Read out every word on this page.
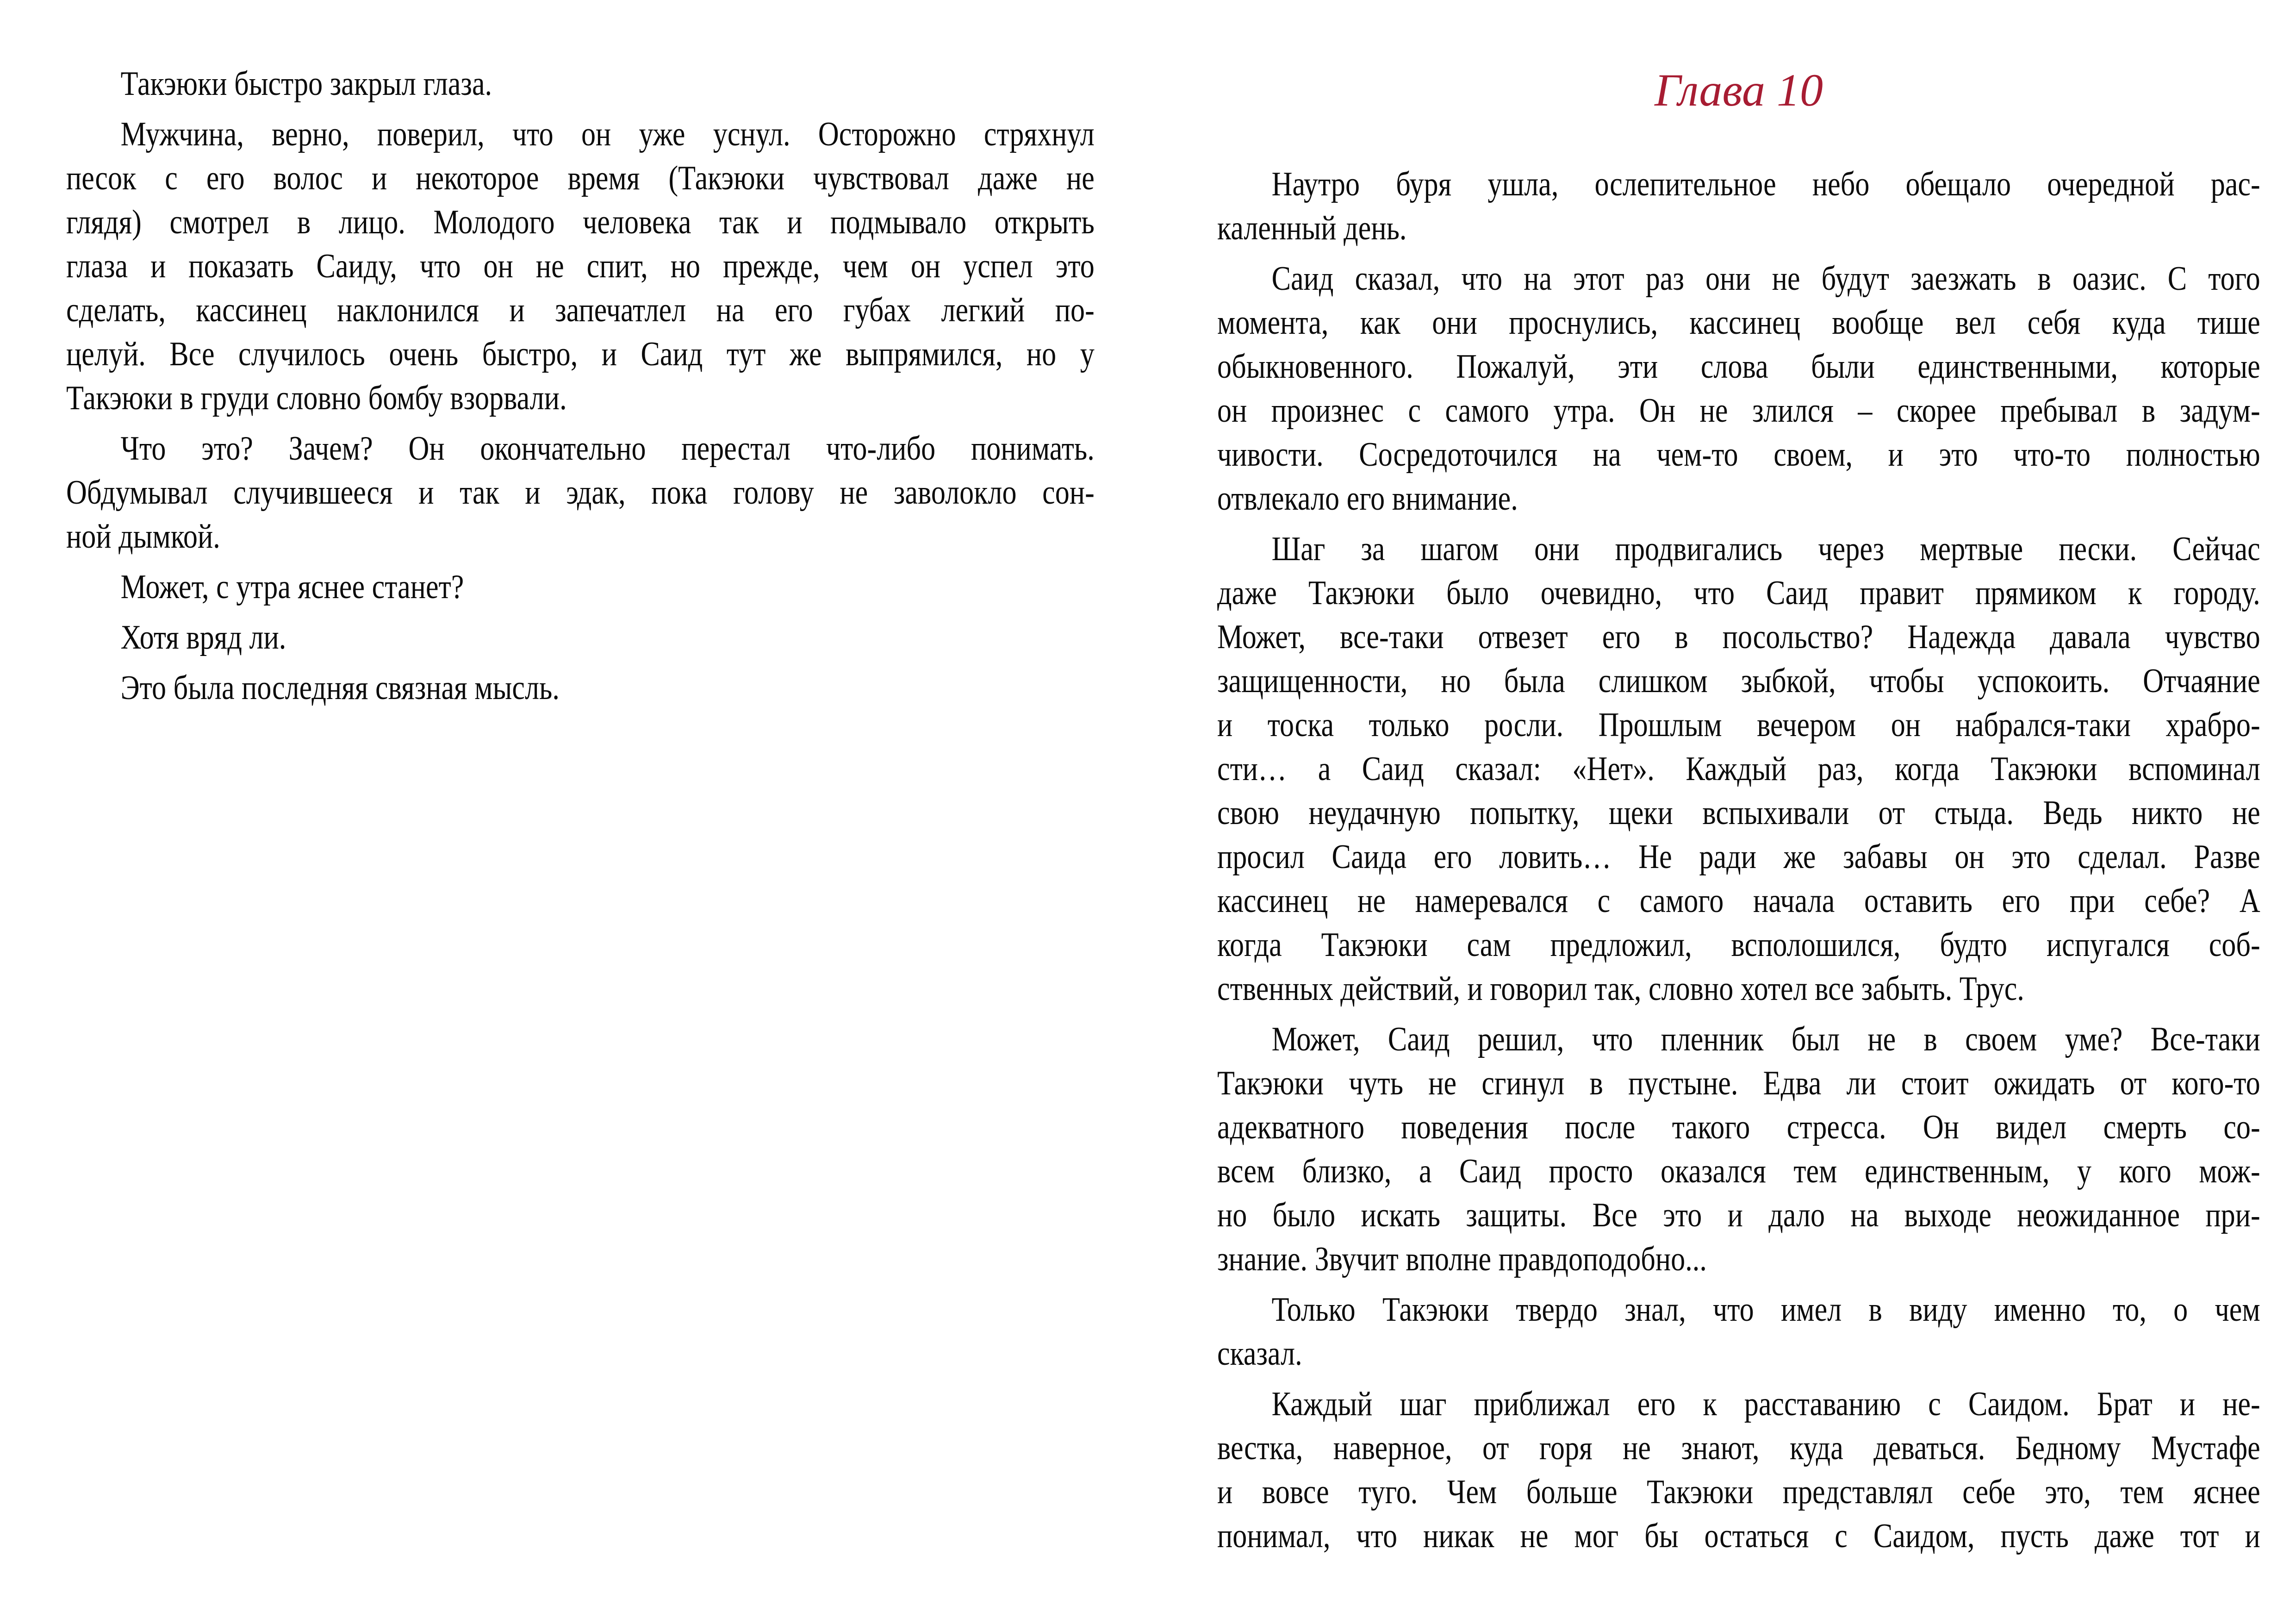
Такэюки быстро закрыл глаза.
Мужчина, верно, поверил, что он уже уснул. Осторожно стряхнул
песок с его волос и некоторое время (Такэюки чувствовал даже не
глядя) смотрел в лицо. Молодого человека так и подмывало открыть
глаза и показать Саиду, что он не спит, но прежде, чем он успел это
сделать, кассинец наклонился и запечатлел на его губах легкий по-
целуй. Все случилось очень быстро, и Саид тут же выпрямился, но у
Такэюки в груди словно бомбу взорвали.
Что это? Зачем? Он окончательно перестал что-либо понимать.
Обдумывал случившееся и так и эдак, пока голову не заволокло сон-
ной дымкой.
Может, с утра яснее станет?
Хотя вряд ли.
Это была последняя связная мысль.
Глава 10
Наутро буря ушла, ослепительное небо обещало очередной рас-
каленный день.
Саид сказал, что на этот раз они не будут заезжать в оазис. С того
момента, как они проснулись, кассинец вообще вел себя куда тише
обыкновенного. Пожалуй, эти слова были единственными, которые
он произнес с самого утра. Он не злился – скорее пребывал в задум-
чивости. Сосредоточился на чем-то своем, и это что-то полностью
отвлекало его внимание.
Шаг за шагом они продвигались через мертвые пески. Сейчас
даже Такэюки было очевидно, что Саид правит прямиком к городу.
Может, все-таки отвезет его в посольство? Надежда давала чувство
защищенности, но была слишком зыбкой, чтобы успокоить. Отчаяние
и тоска только росли. Прошлым вечером он набрался-таки храбро-
сти… а Саид сказал: «Нет». Каждый раз, когда Такэюки вспоминал
свою неудачную попытку, щеки вспыхивали от стыда. Ведь никто не
просил Саида его ловить… Не ради же забавы он это сделал. Разве
кассинец не намеревался с самого начала оставить его при себе? А
когда Такэюки сам предложил, всполошился, будто испугался соб-
ственных действий, и говорил так, словно хотел все забыть. Трус.
Может, Саид решил, что пленник был не в своем уме? Все-таки
Такэюки чуть не сгинул в пустыне. Едва ли стоит ожидать от кого-то
адекватного поведения после такого стресса. Он видел смерть со-
всем близко, а Саид просто оказался тем единственным, у кого мож-
но было искать защиты. Все это и дало на выходе неожиданное при-
знание. Звучит вполне правдоподобно...
Только Такэюки твердо знал, что имел в виду именно то, о чем
сказал.
Каждый шаг приближал его к расставанию с Саидом. Брат и не-
вестка, наверное, от горя не знают, куда деваться. Бедному Мустафе
и вовсе туго. Чем больше Такэюки представлял себе это, тем яснее
понимал, что никак не мог бы остаться с Саидом, пусть даже тот и
